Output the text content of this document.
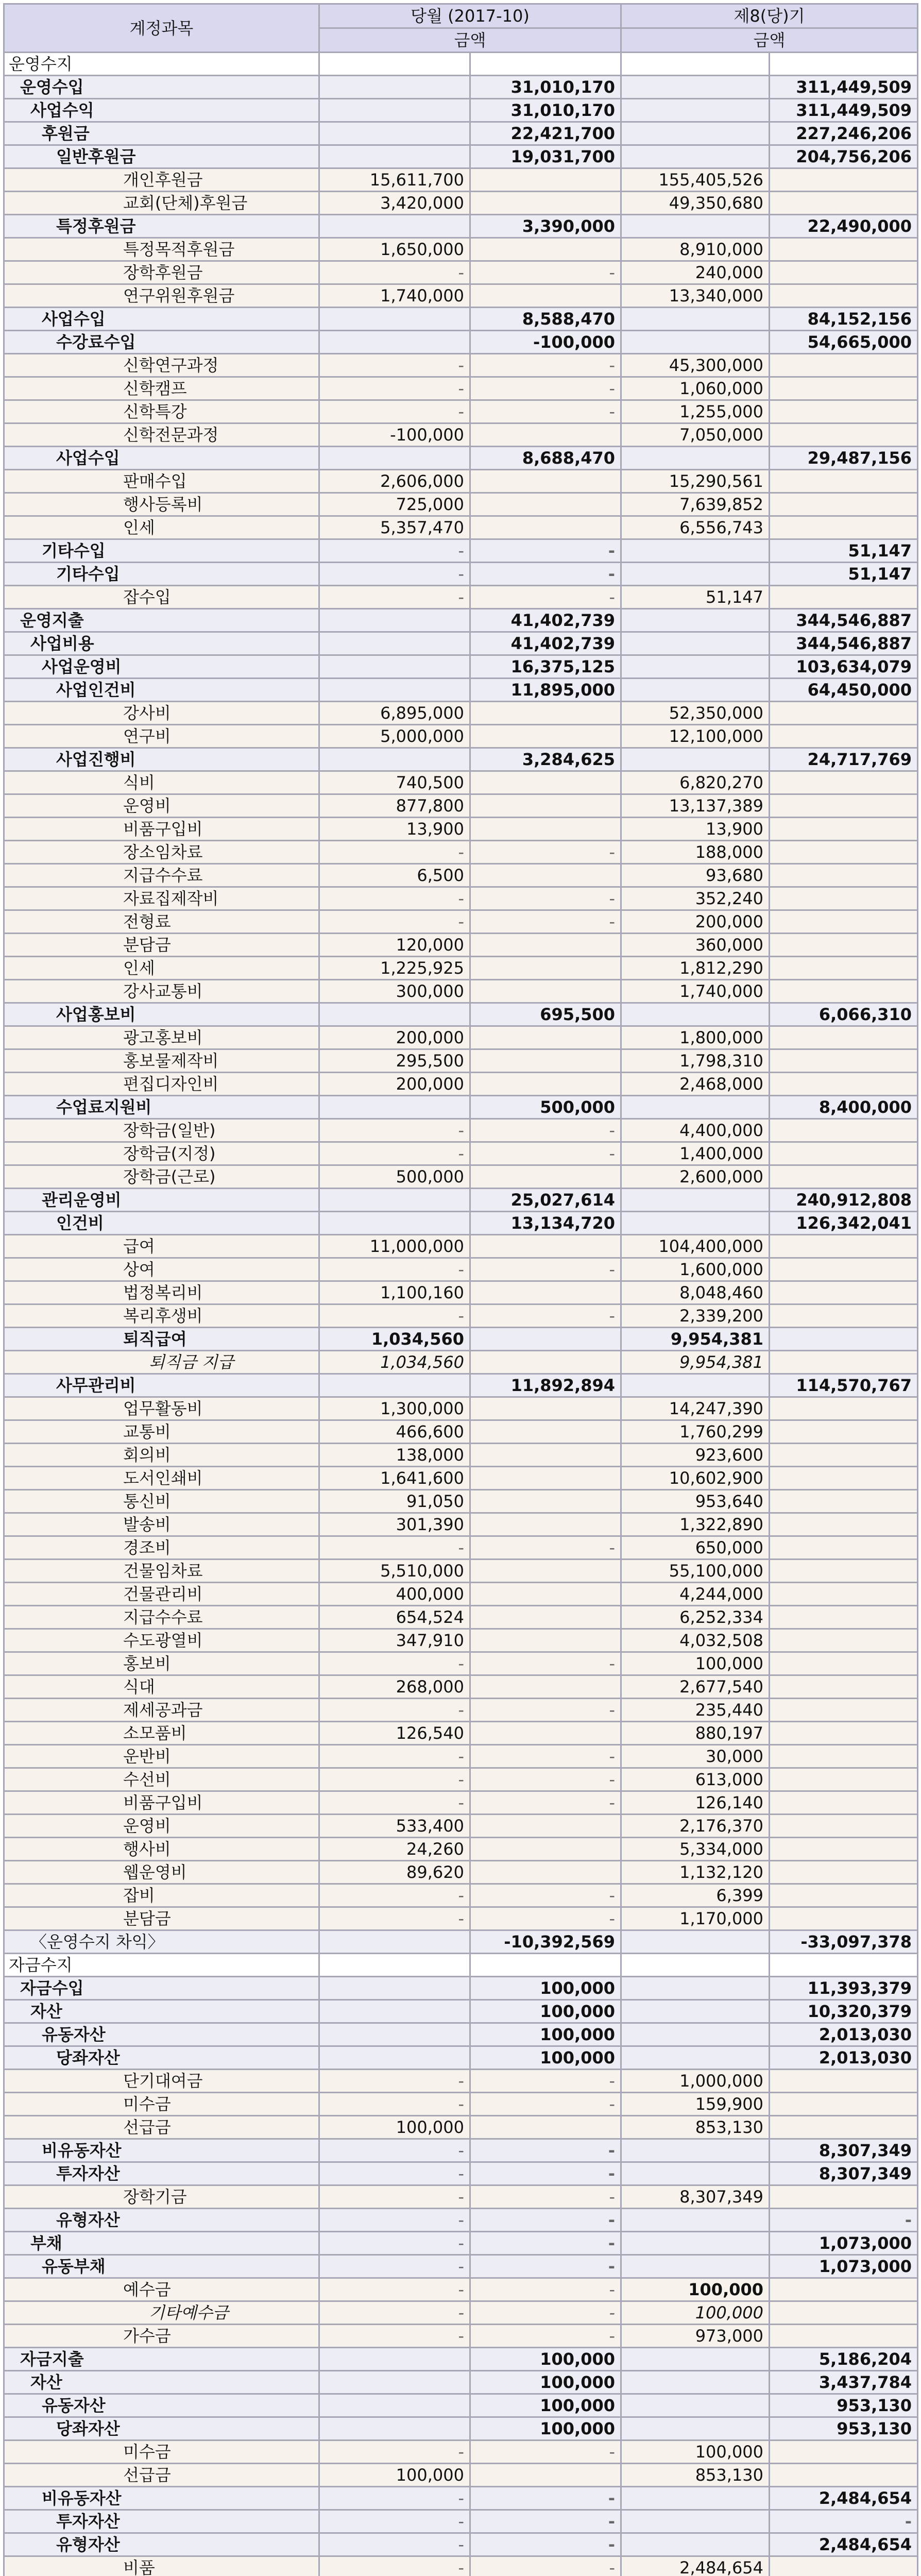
계정과목	당월 (2017-10)		제8(당)기	
	금액		금액	
운영수지				
운영수입		31,010,170		311,449,509
사업수익		31,010,170		311,449,509
후원금		22,421,700		227,246,206
일반후원금		19,031,700		204,756,206
개인후원금	15,611,700		155,405,526	
교회(단체)후원금	3,420,000		49,350,680	
특정후원금		3,390,000		22,490,000
특정목적후원금	1,650,000		8,910,000	
장학후원금	-	-	240,000	
연구위원후원금	1,740,000		13,340,000	
사업수입		8,588,470		84,152,156
수강료수입		-100,000		54,665,000
신학연구과정	-	-	45,300,000	
신학캠프	-	-	1,060,000	
신학특강	-	-	1,255,000	
신학전문과정	-100,000		7,050,000	
사업수입		8,688,470		29,487,156
판매수입	2,606,000		15,290,561	
행사등록비	725,000		7,639,852	
인세	5,357,470		6,556,743	
기타수입	-	-		51,147
기타수입	-	-		51,147
잡수입	-	-	51,147	
운영지출		41,402,739		344,546,887
사업비용		41,402,739		344,546,887
사업운영비		16,375,125		103,634,079
사업인건비		11,895,000		64,450,000
강사비	6,895,000		52,350,000	
연구비	5,000,000		12,100,000	
사업진행비		3,284,625		24,717,769
식비	740,500		6,820,270	
운영비	877,800		13,137,389	
비품구입비	13,900		13,900	
장소임차료	-	-	188,000	
지급수수료	6,500		93,680	
자료집제작비	-	-	352,240	
전형료	-	-	200,000	
분담금	120,000		360,000	
인세	1,225,925		1,812,290	
강사교통비	300,000		1,740,000	
사업홍보비		695,500		6,066,310
광고홍보비	200,000		1,800,000	
홍보물제작비	295,500		1,798,310	
편집디자인비	200,000		2,468,000	
수업료지원비		500,000		8,400,000
장학금(일반)	-	-	4,400,000	
장학금(지정)	-	-	1,400,000	
장학금(근로)	500,000		2,600,000	
관리운영비		25,027,614		240,912,808
인건비		13,134,720		126,342,041
급여	11,000,000		104,400,000	
상여	-	-	1,600,000	
법정복리비	1,100,160		8,048,460	
복리후생비	-	-	2,339,200	
퇴직급여	1,034,560		9,954,381	
퇴직금 지급	1,034,560		9,954,381	
사무관리비		11,892,894		114,570,767
업무활동비	1,300,000		14,247,390	
교통비	466,600		1,760,299	
회의비	138,000		923,600	
도서인쇄비	1,641,600		10,602,900	
통신비	91,050		953,640	
발송비	301,390		1,322,890	
경조비	-	-	650,000	
건물임차료	5,510,000		55,100,000	
건물관리비	400,000		4,244,000	
지급수수료	654,524		6,252,334	
수도광열비	347,910		4,032,508	
홍보비	-	-	100,000	
식대	268,000		2,677,540	
제세공과금	-	-	235,440	
소모품비	126,540		880,197	
운반비	-	-	30,000	
수선비	-	-	613,000	
비품구입비	-	-	126,140	
운영비	533,400		2,176,370	
행사비	24,260		5,334,000	
웹운영비	89,620		1,132,120	
잡비	-	-	6,399	
분담금	-	-	1,170,000	
〈운영수지 차익〉		-10,392,569		-33,097,378
자금수지				
자금수입		100,000		11,393,379
자산		100,000		10,320,379
유동자산		100,000		2,013,030
당좌자산		100,000		2,013,030
단기대여금	-	-	1,000,000	
미수금	-	-	159,900	
선급금	100,000		853,130	
비유동자산	-	-		8,307,349
투자자산	-	-		8,307,349
장학기금	-	-	8,307,349	
유형자산	-	-		-
부채	-	-		1,073,000
유동부채	-	-		1,073,000
예수금	-	-	100,000	
기타예수금	-	-	100,000	
가수금	-	-	973,000	
자금지출		100,000		5,186,204
자산		100,000		3,437,784
유동자산		100,000		953,130
당좌자산		100,000		953,130
미수금	-	-	100,000	
선급금	100,000		853,130	
비유동자산	-	-		2,484,654
투자자산	-	-		-
유형자산	-	-		2,484,654
비품	-	-	2,484,654	
